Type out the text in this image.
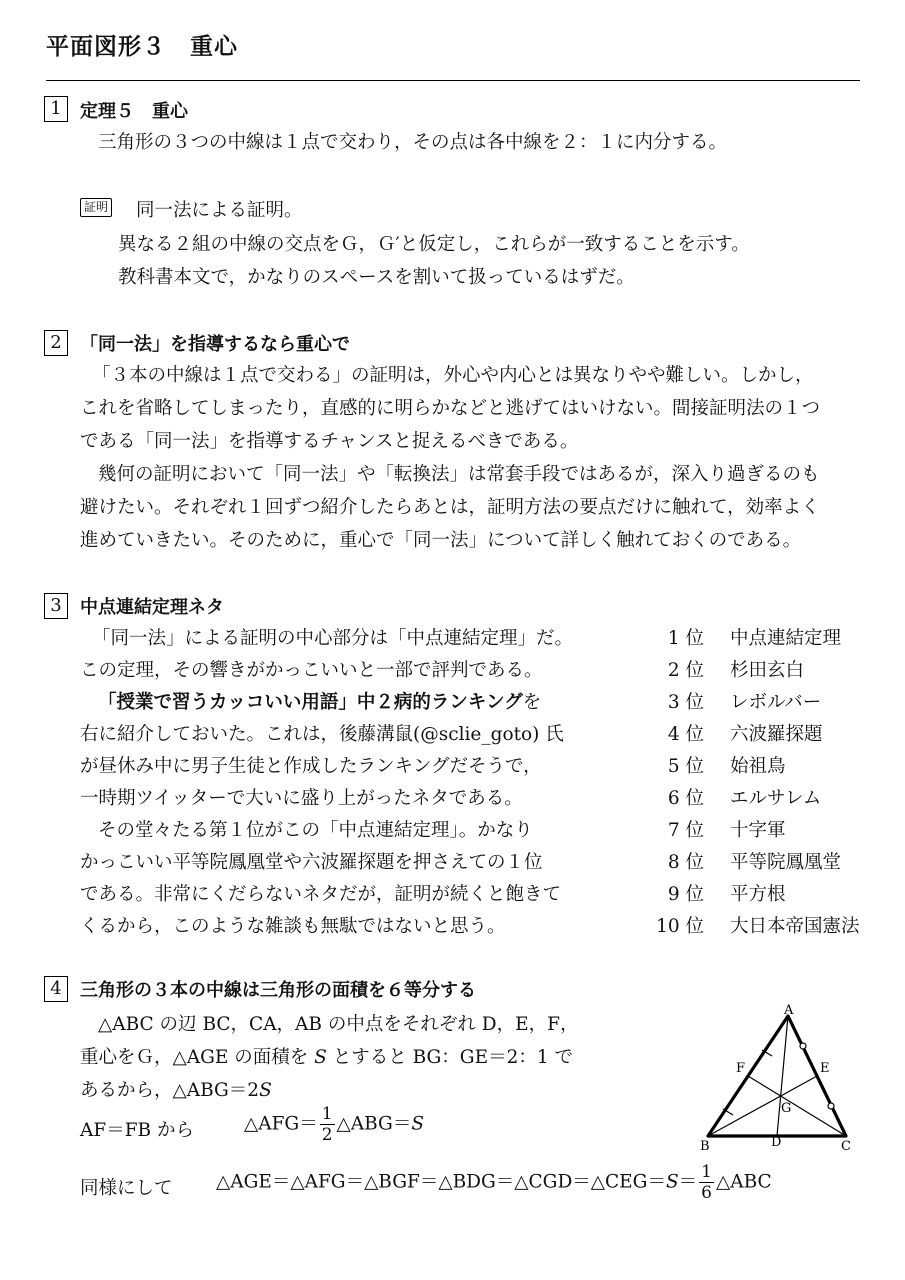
平面図形３　重心
1	定理５　重心
三角形の３つの中線は１点で交わり，その点は各中線を２：１に内分する。
証明 同一法による証明。
異なる２組の中線の交点をＧ，Ｇ′と仮定し，これらが一致することを示す。
教科書本文で，かなりのスペースを割いて扱っているはずだ。
2	「同一法」を指導するなら重心で
「３本の中線は１点で交わる」の証明は，外心や内心とは異なりやや難しい。しかし，
これを省略してしまったり，直感的に明らかなどと逃げてはいけない。間接証明法の１つ
である「同一法」を指導するチャンスと捉えるべきである。
幾何の証明において「同一法」や「転換法」は常套手段ではあるが，深入り過ぎるのも
避けたい。それぞれ１回ずつ紹介したらあとは，証明方法の要点だけに触れて，効率よく
進めていきたい。そのために，重心で「同一法」について詳しく触れておくのである。
3	中点連結定理ネタ
「同一法」による証明の中心部分は「中点連結定理」だ。
この定理，その響きがかっこいいと一部で評判である。
「授業で習うカッコいい用語」中２病的ランキングを
右に紹介しておいた。これは，後藤溝鼠(@sclie_goto) 氏
が昼休み中に男子生徒と作成したランキングだそうで，
一時期ツイッターで大いに盛り上がったネタである。
その堂々たる第１位がこの「中点連結定理」。かなり
かっこいい平等院鳳凰堂や六波羅探題を押さえての１位
である。非常にくだらないネタだが，証明が続くと飽きて
くるから，このような雑談も無駄ではないと思う。
1 位 中点連結定理
2 位 杉田玄白
3 位 レボルバー
4 位 六波羅探題
5 位 始祖鳥
6 位 エルサレム
7 位 十字軍
8 位 平等院鳳凰堂
9 位 平方根
10 位 大日本帝国憲法
4	三角形の３本の中線は三角形の面積を６等分する
△ABC の辺 BC，CA，AB の中点をそれぞれ D，E，F，
重心をＧ，△AGE の面積を S とすると BG：GE＝2：1 で
あるから，△ABG＝2S
AF＝FB から	△AFG＝ $\frac{1}{2}$ △ABG＝S
同様にして △AGE＝△AFG＝△BGF＝△BDG＝△CGD＝△CEG＝S＝ $\frac{1}{6}$ △ABC
A
B	C
D
E
F
G
